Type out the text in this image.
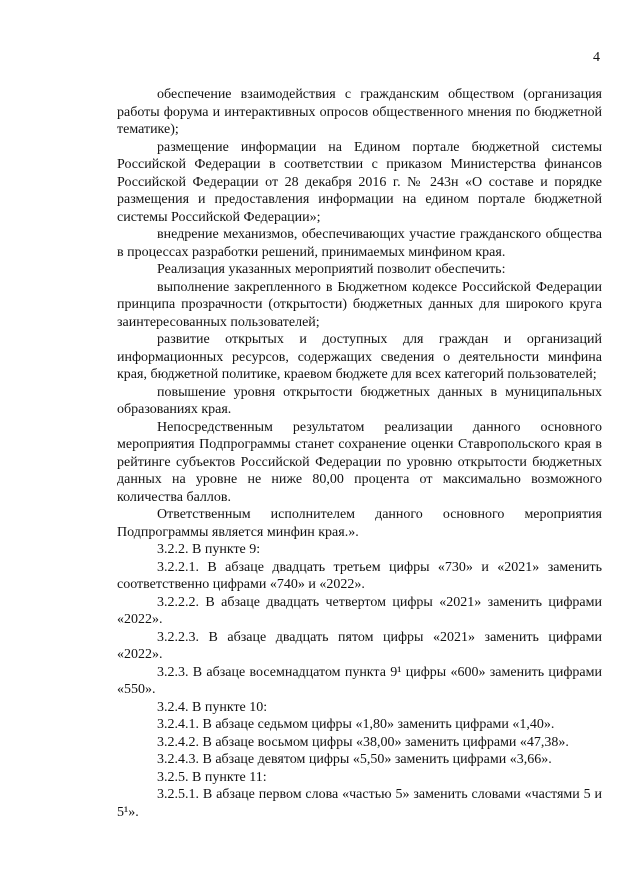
4

обеспечение взаимодействия с гражданским обществом (организация работы форума и интерактивных опросов общественного мнения по бюджетной тематике);

размещение информации на Едином портале бюджетной системы Российской Федерации в соответствии с приказом Министерства финансов Российской Федерации от 28 декабря 2016 г. № 243н «О составе и порядке размещения и предоставления информации на едином портале бюджетной системы Российской Федерации»;

внедрение механизмов, обеспечивающих участие гражданского общества в процессах разработки решений, принимаемых минфином края.

Реализация указанных мероприятий позволит обеспечить:

выполнение закрепленного в Бюджетном кодексе Российской Федерации принципа прозрачности (открытости) бюджетных данных для широкого круга заинтересованных пользователей;

развитие открытых и доступных для граждан и организаций информационных ресурсов, содержащих сведения о деятельности минфина края, бюджетной политике, краевом бюджете для всех категорий пользователей;

повышение уровня открытости бюджетных данных в муниципальных образованиях края.

Непосредственным результатом реализации данного основного мероприятия Подпрограммы станет сохранение оценки Ставропольского края в рейтинге субъектов Российской Федерации по уровню открытости бюджетных данных на уровне не ниже 80,00 процента от максимально возможного количества баллов.

Ответственным исполнителем данного основного мероприятия Подпрограммы является минфин края.».

3.2.2. В пункте 9:

3.2.2.1. В абзаце двадцать третьем цифры «730» и «2021» заменить соответственно цифрами «740» и «2022».

3.2.2.2. В абзаце двадцать четвертом цифры «2021» заменить цифрами «2022».

3.2.2.3. В абзаце двадцать пятом цифры «2021» заменить цифрами «2022».

3.2.3. В абзаце восемнадцатом пункта 9¹ цифры «600» заменить цифрами «550».

3.2.4. В пункте 10:

3.2.4.1. В абзаце седьмом цифры «1,80» заменить цифрами «1,40».

3.2.4.2. В абзаце восьмом цифры «38,00» заменить цифрами «47,38».

3.2.4.3. В абзаце девятом цифры «5,50» заменить цифрами «3,66».

3.2.5. В пункте 11:

3.2.5.1. В абзаце первом слова «частью 5» заменить словами «частями 5 и 5¹».
